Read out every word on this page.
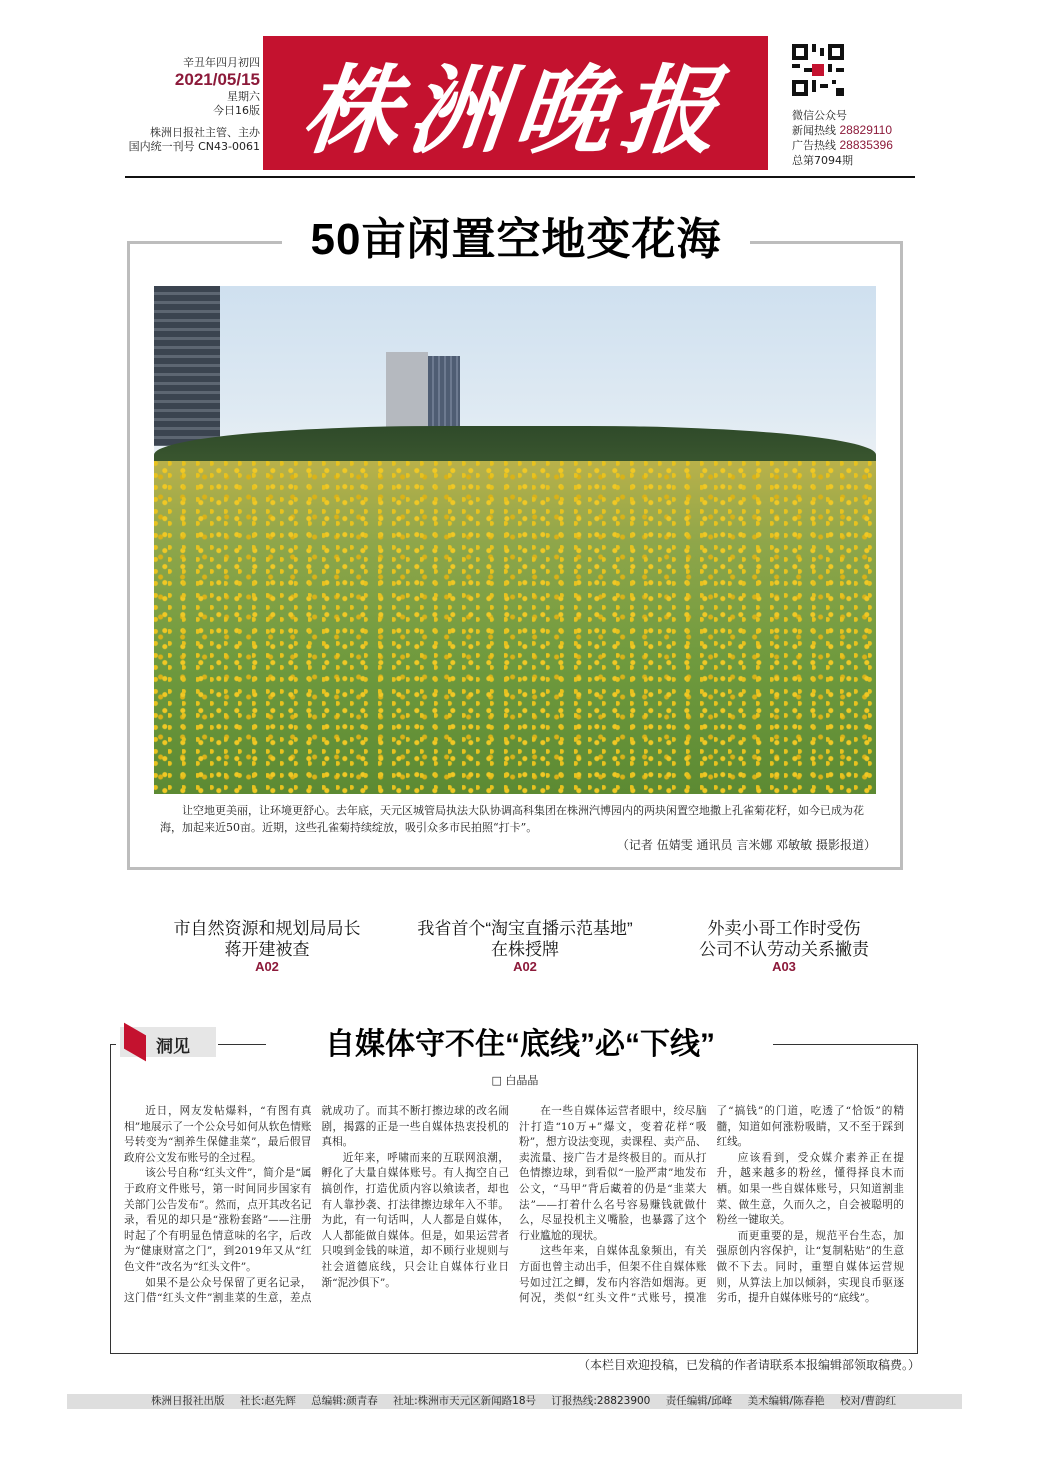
辛丑年四月初四
2021/05/15
星期六
今日16版
株洲日报社主管、主办
国内统一刊号 CN43-0061 株洲晚报	微信公众号
新闻热线 28829110
广告热线 28835396
总第7094期
50亩闲置空地变花海
让空地更美丽，让环境更舒心。去年底，天元区城管局执法大队协调高科集团在株洲汽博园内的两块闲置空地撒上孔雀菊花籽，如今已成为花海，加起来近50亩。近期，这些孔雀菊持续绽放，吸引众多市民拍照“打卡”。
（记者 伍婧雯 通讯员 言米娜 邓敏敏 摄影报道）
市自然资源和规划局局长
蒋开建被查
A02
我省首个“淘宝直播示范基地”
在株授牌
A02
外卖小哥工作时受伤
公司不认劳动关系撇责
A03
洞见	自媒体守不住“底线”必“下线”
□ 白晶晶

近日，网友发帖爆料，“有图有真相”地展示了一个公众号如何从软色情账号转变为“割养生保健韭菜”，最后假冒政府公文发布账号的全过程。

该公号自称“红头文件”，简介是“属于政府文件账号，第一时间同步国家有关部门公告发布”。然而，点开其改名记录，看见的却只是“涨粉套路”——注册时起了个有明显色情意味的名字，后改为“健康财富之门”，到2019年又从“红色文件”改名为“红头文件”。

如果不是公众号保留了更名记录，这门借“红头文件”割韭菜的生意，差点就成功了。而其不断打擦边球的改名闹剧，揭露的正是一些自媒体热衷投机的真相。

近年来，呼啸而来的互联网浪潮，孵化了大量自媒体账号。有人掏空自己搞创作，打造优质内容以飨读者，却也有人靠抄袭、打法律擦边球年入不菲。为此，有一句话叫，人人都是自媒体，人人都能做自媒体。但是，如果运营者只嗅到金钱的味道，却不顾行业规则与社会道德底线，只会让自媒体行业日渐“泥沙俱下”。

在一些自媒体运营者眼中，绞尽脑汁打造“10万+”爆文，变着花样“吸粉”，想方设法变现，卖课程、卖产品、卖流量、接广告才是终极目的。而从打色情擦边球，到看似“一脸严肃”地发布公文，“马甲”背后藏着的仍是“韭菜大法”——打着什么名号容易赚钱就做什么，尽显投机主义嘴脸，也暴露了这个行业尴尬的现状。

这些年来，自媒体乱象频出，有关方面也曾主动出手，但架不住自媒体账号如过江之鲫，发布内容浩如烟海。更何况，类似“红头文件”式账号，摸准了“搞钱”的门道，吃透了“恰饭”的精髓，知道如何涨粉吸睛，又不至于踩到红线。

应该看到，受众媒介素养正在提升，越来越多的粉丝，懂得择良木而栖。如果一些自媒体账号，只知道割韭菜、做生意，久而久之，自会被聪明的粉丝一键取关。

而更重要的是，规范平台生态，加强原创内容保护，让“复制粘贴”的生意做不下去。同时，重塑自媒体运营规则，从算法上加以倾斜，实现良币驱逐劣币，提升自媒体账号的“底线”。

（本栏目欢迎投稿，已发稿的作者请联系本报编辑部领取稿费。）
株洲日报社出版 社长:赵先辉 总编辑:颜青春 社址:株洲市天元区新闻路18号 订报热线:28823900 责任编辑/邱峰 美术编辑/陈春艳 校对/曹韵红
